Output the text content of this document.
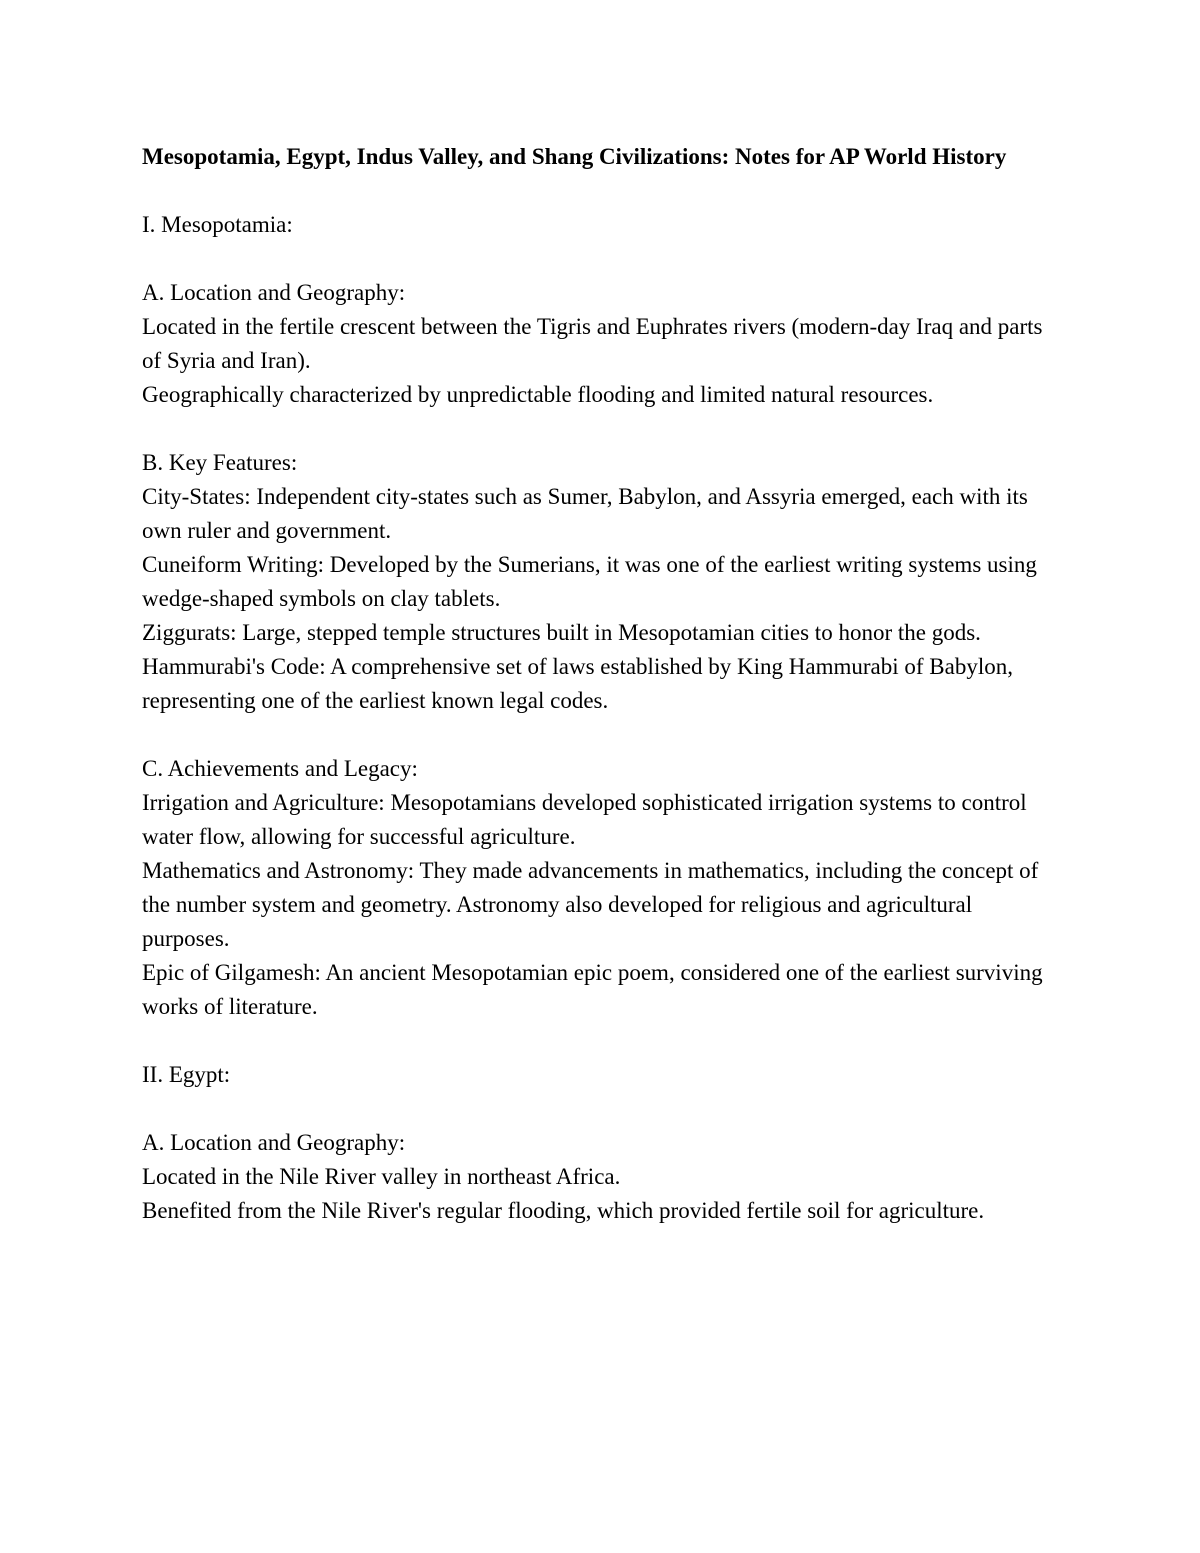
Mesopotamia, Egypt, Indus Valley, and Shang Civilizations: Notes for AP World History

I. Mesopotamia:

A. Location and Geography:

Located in the fertile crescent between the Tigris and Euphrates rivers (modern-day Iraq and parts of Syria and Iran).

Geographically characterized by unpredictable flooding and limited natural resources.

B. Key Features:

City-States: Independent city-states such as Sumer, Babylon, and Assyria emerged, each with its own ruler and government.

Cuneiform Writing: Developed by the Sumerians, it was one of the earliest writing systems using wedge-shaped symbols on clay tablets.

Ziggurats: Large, stepped temple structures built in Mesopotamian cities to honor the gods.

Hammurabi's Code: A comprehensive set of laws established by King Hammurabi of Babylon, representing one of the earliest known legal codes.

C. Achievements and Legacy:

Irrigation and Agriculture: Mesopotamians developed sophisticated irrigation systems to control water flow, allowing for successful agriculture.

Mathematics and Astronomy: They made advancements in mathematics, including the concept of the number system and geometry. Astronomy also developed for religious and agricultural purposes.

Epic of Gilgamesh: An ancient Mesopotamian epic poem, considered one of the earliest surviving works of literature.

II. Egypt:

A. Location and Geography:

Located in the Nile River valley in northeast Africa.

Benefited from the Nile River's regular flooding, which provided fertile soil for agriculture.
